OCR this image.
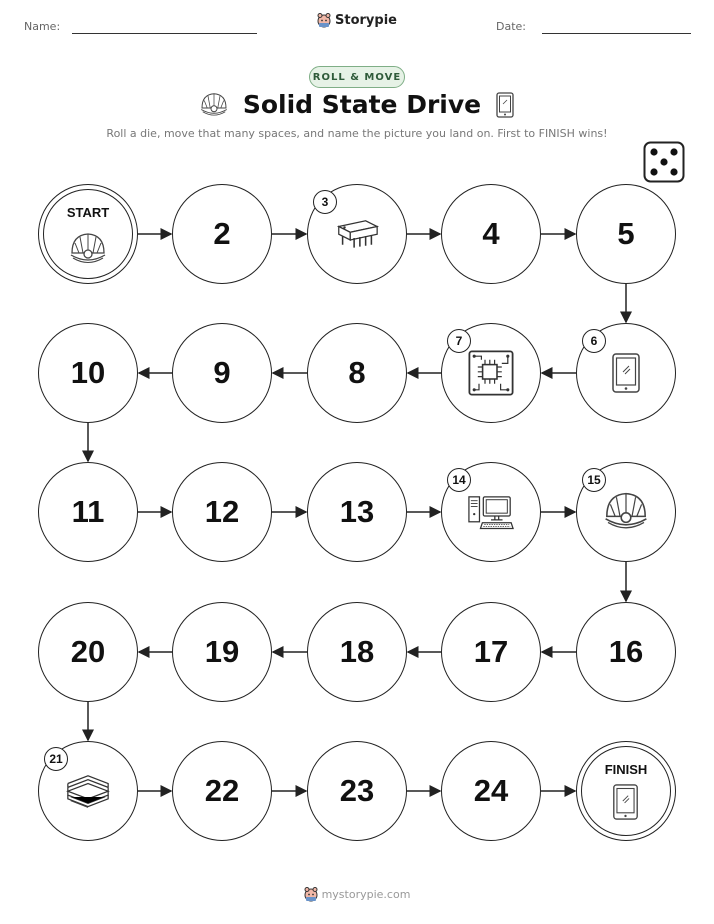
Name:	Storypie	Date:
ROLL & MOVE
Solid State Drive
Roll a die, move that many spaces, and name the picture you land on. First to FINISH wins!
FINISH
24
23
22
20	19	18	17	16
13
12
11
10	9	8
5
4
2
START
3
6
7
14	15
21
mystorypie.com
